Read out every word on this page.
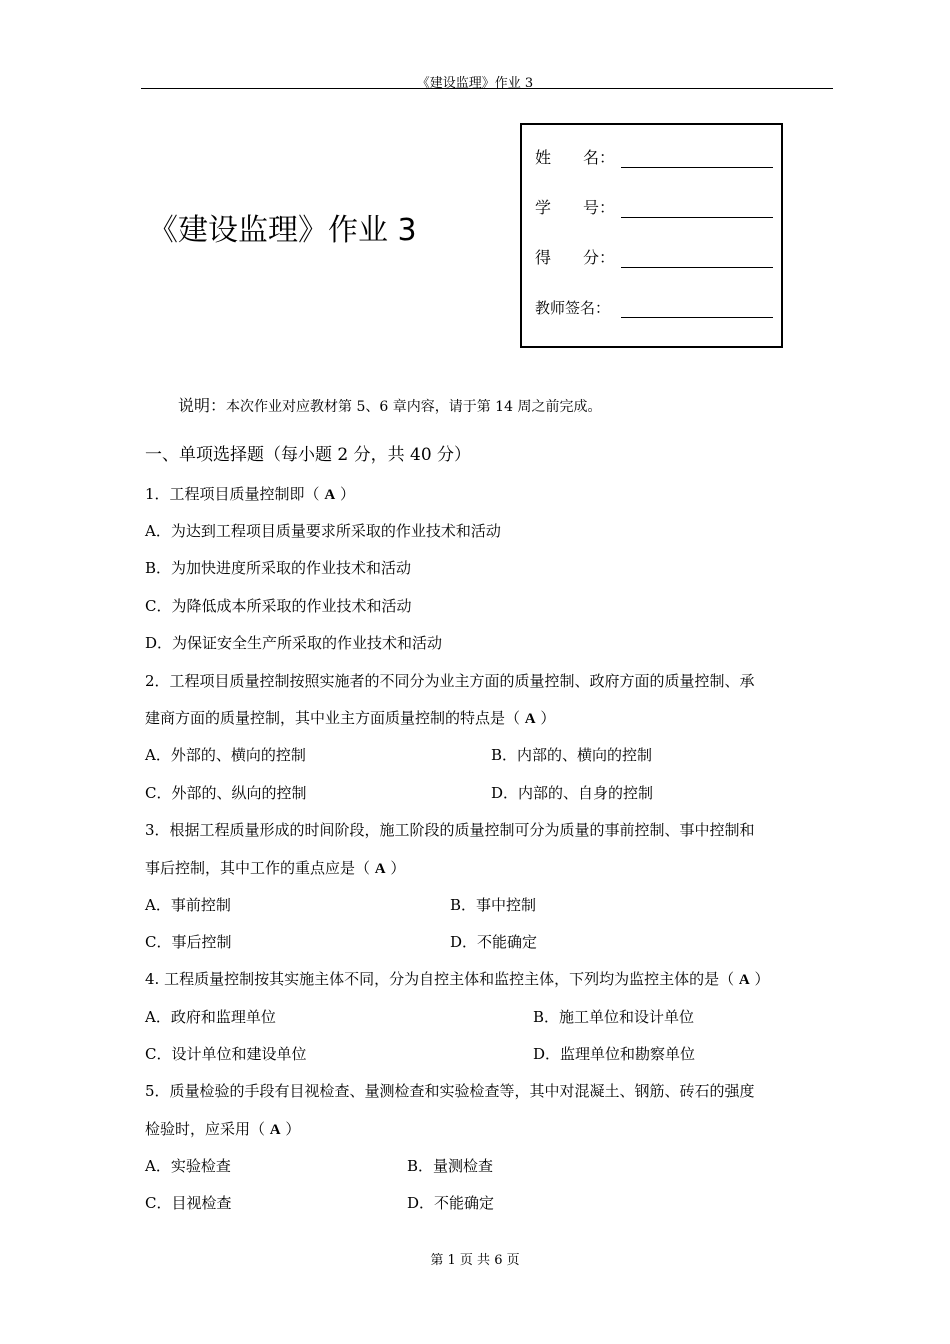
《建设监理》作业 3
《建设监理》作业 3
姓　　名：
学　　号：
得　　分：
教师签名：
说明：本次作业对应教材第 5、6 章内容，请于第 14 周之前完成。
一、单项选择题（每小题 2 分，共 40 分）
1．工程项目质量控制即（ A ）
A．为达到工程项目质量要求所采取的作业技术和活动
B．为加快进度所采取的作业技术和活动
C．为降低成本所采取的作业技术和活动
D．为保证安全生产所采取的作业技术和活动
2．工程项目质量控制按照实施者的不同分为业主方面的质量控制、政府方面的质量控制、承
建商方面的质量控制，其中业主方面质量控制的特点是（ A ）
A．外部的、横向的控制	B．内部的、横向的控制
C．外部的、纵向的控制	D．内部的、自身的控制
3．根据工程质量形成的时间阶段，施工阶段的质量控制可分为质量的事前控制、事中控制和
事后控制，其中工作的重点应是（ A ）
A．事前控制	B．事中控制
C．事后控制	D．不能确定
4. 工程质量控制按其实施主体不同，分为自控主体和监控主体，下列均为监控主体的是（ A ）
A．政府和监理单位	B．施工单位和设计单位
C．设计单位和建设单位	D．监理单位和勘察单位
5．质量检验的手段有目视检查、量测检查和实验检查等，其中对混凝土、钢筋、砖石的强度
检验时，应采用（ A ）
A．实验检查	B．量测检查
C．目视检查	D．不能确定
第 1 页 共 6 页
